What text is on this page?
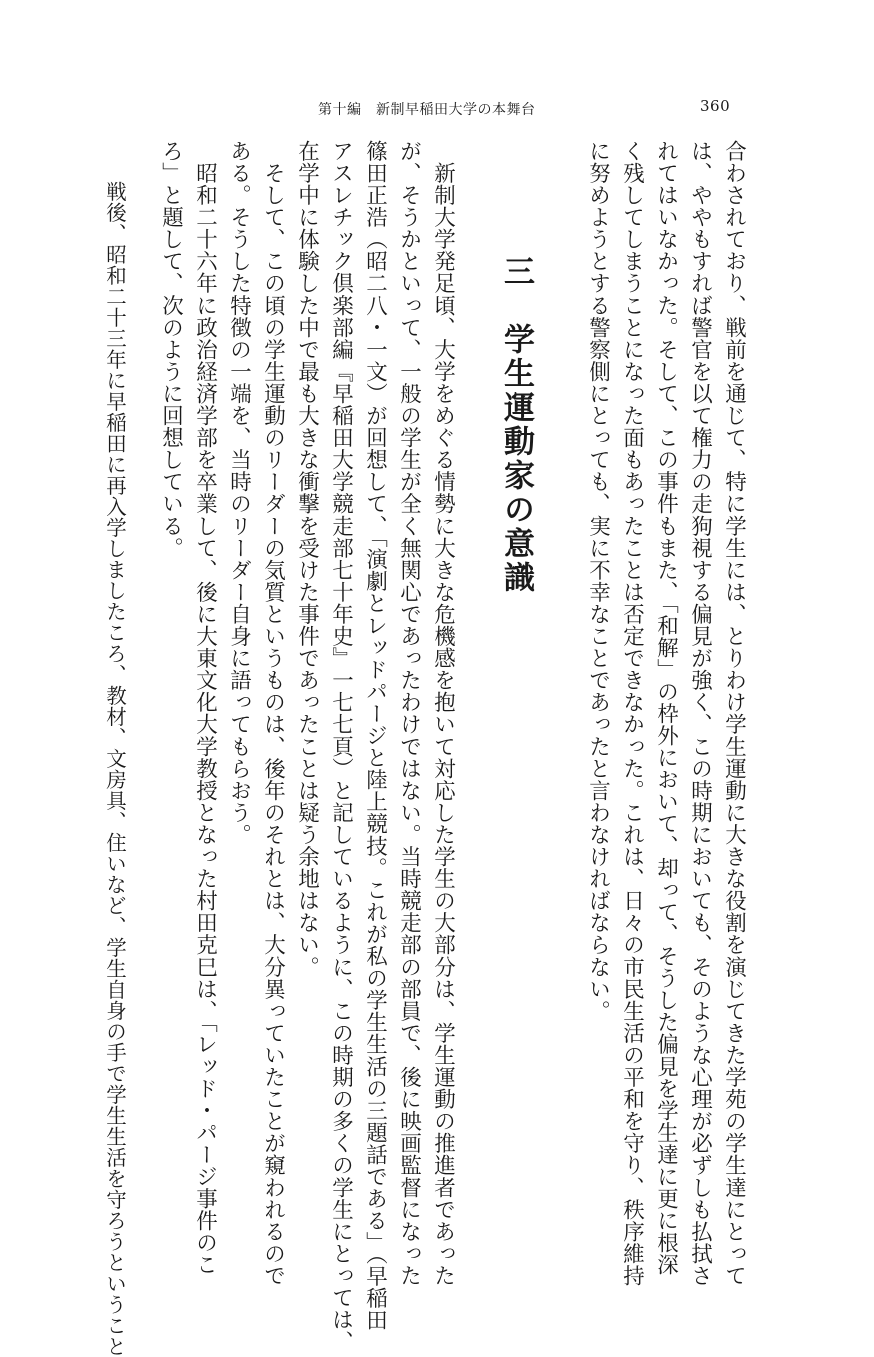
第十編　新制早稲田大学の本舞台	360
合わされており、戦前を通じて、特に学生には、とりわけ学生運動に大きな役割を演じてきた学苑の学生達にとって
は、ややもすれば警官を以て権力の走狗視する偏見が強く、この時期においても、そのような心理が必ずしも払拭さ
れてはいなかった。そして、この事件もまた、「和解」の枠外において、却って、そうした偏見を学生達に更に根深
く残してしまうことになった面もあったことは否定できなかった。これは、日々の市民生活の平和を守り、秩序維持
に努めようとする警察側にとっても、実に不幸なことであったと言わなければならない。
三　学生運動家の意識
　新制大学発足頃、大学をめぐる情勢に大きな危機感を抱いて対応した学生の大部分は、学生運動の推進者であった
が、そうかといって、一般の学生が全く無関心であったわけではない。当時競走部の部員で、後に映画監督になった
篠田正浩（昭二八・一文）が回想して、「演劇とレッドパージと陸上競技。これが私の学生生活の三題話である」（早稲田
アスレチック倶楽部編『早稲田大学競走部七十年史』一七七頁）と記しているように、この時期の多くの学生にとっては、
在学中に体験した中で最も大きな衝撃を受けた事件であったことは疑う余地はない。
　そして、この頃の学生運動のリーダーの気質というものは、後年のそれとは、大分異っていたことが窺われるので
ある。そうした特徴の一端を、当時のリーダー自身に語ってもらおう。
　昭和二十六年に政治経済学部を卒業して、後に大東文化大学教授となった村田克巳は、「レッド・パージ事件のこ
ろ」と題して、次のように回想している。
　戦後、昭和二十三年に早稲田に再入学しましたころ、教材、文房具、住いなど、学生自身の手で学生生活を守ろうということ
